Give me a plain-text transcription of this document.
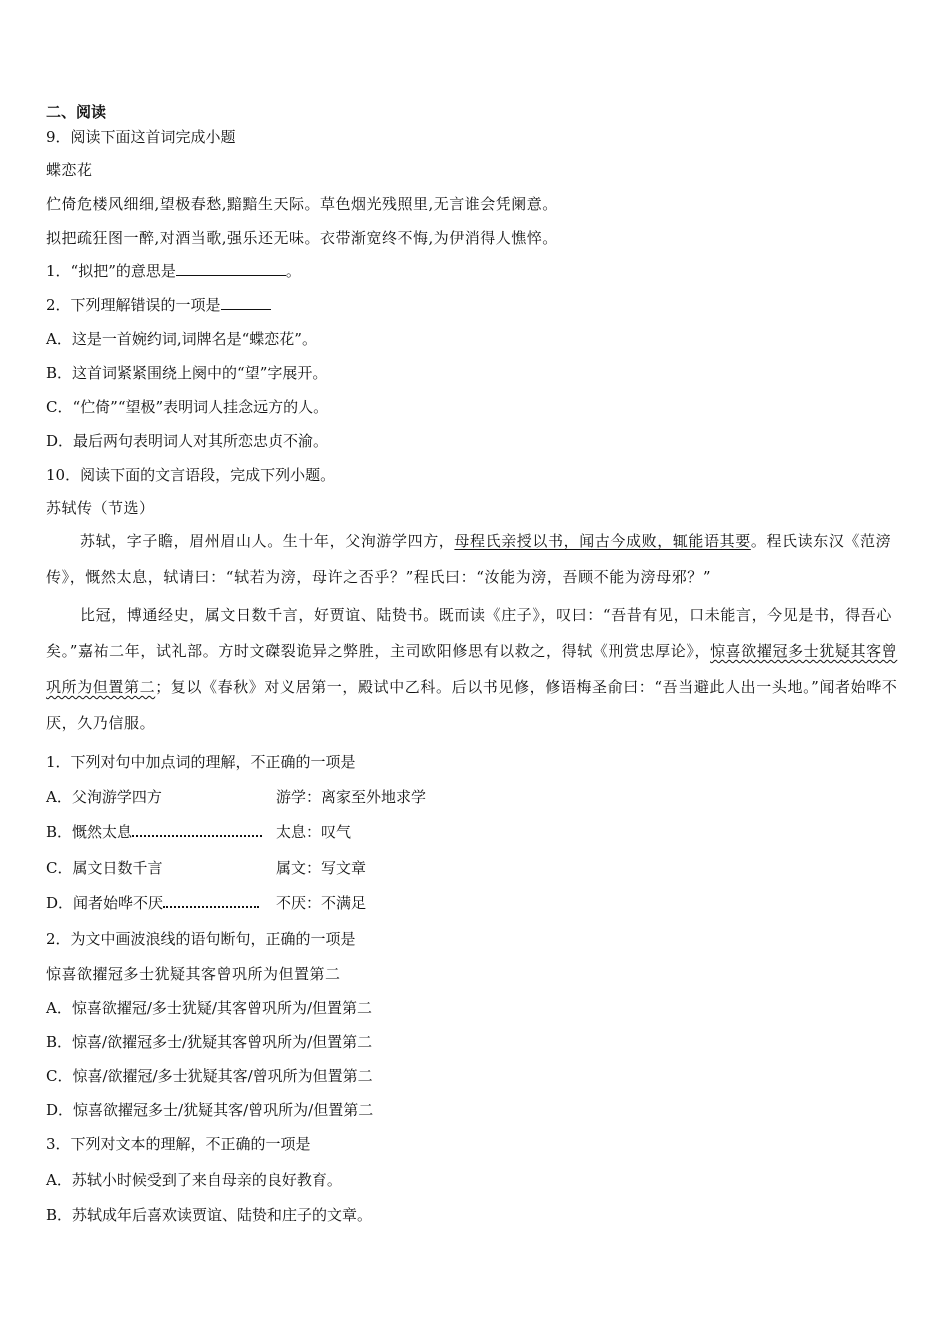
二、阅读
9．阅读下面这首词完成小题
蝶恋花
伫倚危楼风细细,望极春愁,黯黯生天际。草色烟光残照里,无言谁会凭阑意。
拟把疏狂图一醉,对酒当歌,强乐还无味。衣带渐宽终不悔,为伊消得人憔悴。
1．“拟把”的意思是	。
2．下列理解错误的一项是
A．这是一首婉约词,词牌名是“蝶恋花”。
B．这首词紧紧围绕上阕中的“望”字展开。
C．“伫倚”“望极”表明词人挂念远方的人。
D．最后两句表明词人对其所恋忠贞不渝。
10．阅读下面的文言语段，完成下列小题。
苏轼传（节选）
苏轼，字子瞻，眉州眉山人。生十年，父洵游学四方，母程氏亲授以书，闻古今成败，辄能语其要。程氏读东汉《范滂传》，慨然太息，轼请曰：“轼若为滂，母许之否乎？”程氏曰：“汝能为滂，吾顾不能为滂母邪？”
比冠，博通经史，属文日数千言，好贾谊、陆贽书。既而读《庄子》，叹曰：“吾昔有见，口未能言，今见是书，得吾心矣。”嘉祐二年，试礼部。方时文磔裂诡异之弊胜，主司欧阳修思有以救之，得轼《刑赏忠厚论》，惊喜欲擢冠多士犹疑其客曾巩所为但置第二；复以《春秋》对义居第一，殿试中乙科。后以书见修，修语梅圣俞曰：“吾当避此人出一头地。”闻者始哗不厌，久乃信服。
1．下列对句中加点词的理解，不正确的一项是
A．父洵游学四方	游学：离家至外地求学
B．慨然太息	太息：叹气
C．属文日数千言	属文：写文章
D．闻者始哗不厌	不厌：不满足
2．为文中画波浪线的语句断句，正确的一项是
惊喜欲擢冠多士犹疑其客曾巩所为但置第二
A．惊喜欲擢冠/多士犹疑/其客曾巩所为/但置第二
B．惊喜/欲擢冠多士/犹疑其客曾巩所为/但置第二
C．惊喜/欲擢冠/多士犹疑其客/曾巩所为但置第二
D．惊喜欲擢冠多士/犹疑其客/曾巩所为/但置第二
3．下列对文本的理解，不正确的一项是
A．苏轼小时候受到了来自母亲的良好教育。
B．苏轼成年后喜欢读贾谊、陆贽和庄子的文章。
